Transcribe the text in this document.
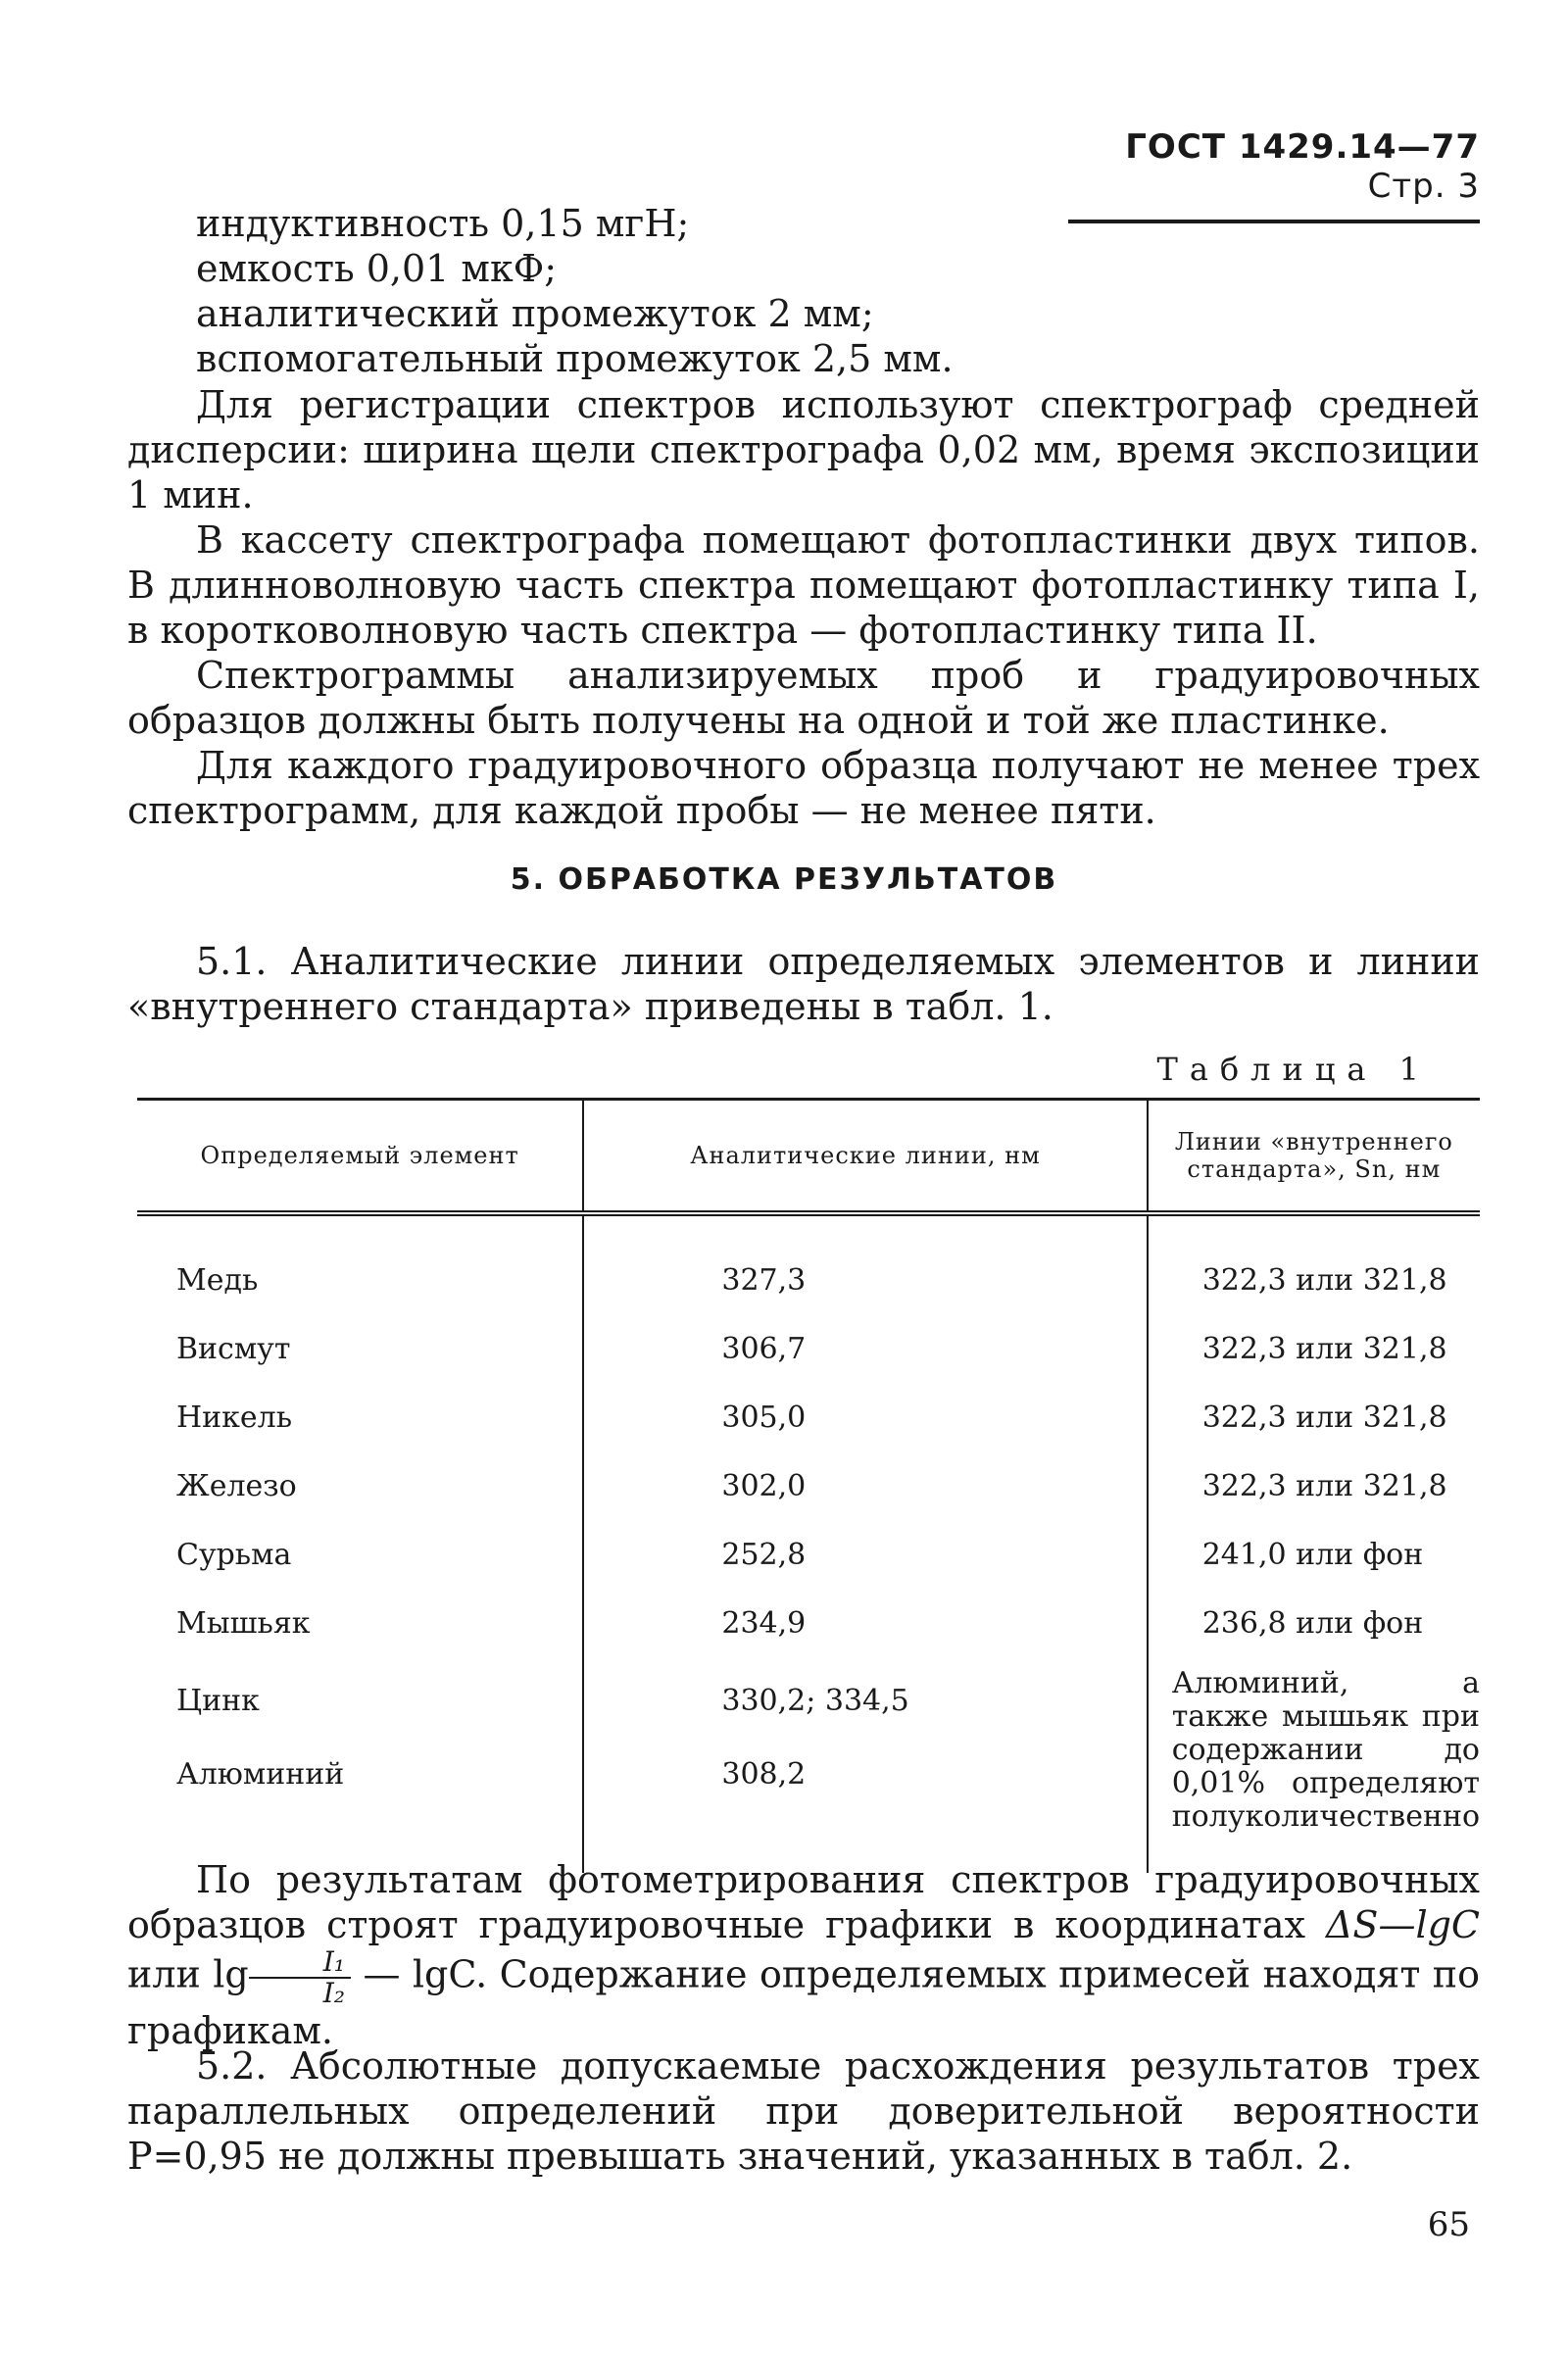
ГОСТ 1429.14—77 Стр. 3
индуктивность 0,15 мгН;
емкость 0,01 мкФ;
аналитический промежуток 2 мм;
вспомогательный промежуток 2,5 мм.
Для регистрации спектров используют спектрограф средней дисперсии: ширина щели спектрографа 0,02 мм, время экспозиции 1 мин.
В кассету спектрографа помещают фотопластинки двух типов. В длинноволновую часть спектра помещают фотопластинку типа I, в коротковолновую часть спектра — фотопластинку типа II.
Спектрограммы анализируемых проб и градуировочных образцов должны быть получены на одной и той же пластинке.
Для каждого градуировочного образца получают не менее трех спектрограмм, для каждой пробы — не менее пяти.
5. ОБРАБОТКА РЕЗУЛЬТАТОВ
5.1. Аналитические линии определяемых элементов и линии «внутреннего стандарта» приведены в табл. 1.
Таблица 1
Определяемый элемент	Аналитические линии, нм	Линии «внутреннего стандарта», Sn, нм
Медь	327,3	322,3 или 321,8
Висмут	306,7	322,3 или 321,8
Никель	305,0	322,3 или 321,8
Железо	302,0	322,3 или 321,8
Сурьма	252,8	241,0 или фон
Мышьяк	234,9	236,8 или фон
Цинк	330,2; 334,5	Алюминий, а также мышьяк при содержании до 0,01% определяют полуколичественно
Алюминий	308,2	
По результатам фотометрирования спектров градуировочных образцов строят градуировочные графики в координатах ΔS—lgC или $\lg \frac{\text{I₁}}{\text{I₂}}$ — lgC. Содержание определяемых примесей находят по графикам.
5.2. Абсолютные допускаемые расхождения результатов трех параллельных определений при доверительной вероятности P=0,95 не должны превышать значений, указанных в табл. 2.
65
